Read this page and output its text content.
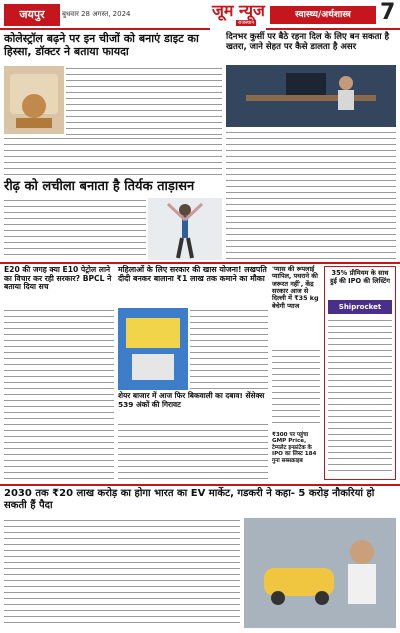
जयपुर	बुधवार 28 अगस्त, 2024	जूम न्यूज
राजस्थान
स्वास्थ्य/अर्थशास्त्र	7
कोलेस्ट्रॉल बढ़ने पर इन चीजों को बनाएं डाइट का हिस्सा, डॉक्टर ने बताया फायदा
रीढ़ को लचीला बनाता है तिर्यक ताड़ासन
दिनभर कुर्सी पर बैठे रहना दिल के लिए बन सकता है खतरा, जाने सेहत पर कैसे डालता है असर
E20 की जगह क्या E10 पेट्रोल लाने का विचार कर रही सरकार? BPCL ने बताया दिया सच
महिलाओं के लिए सरकार की खास योजना! लखपति दीदी बनकर बालाना ₹1 लाख तक कमाने का मौका
शेयर बाजार में आज फिर बिकवाली का दबाव! सेंसेक्स 539 अंकों की गिरावट
'प्यास की रूपलाई प्यापिल, पथराने की जरूरत नहीं', केंद्र सरकार आज से दिल्ली में ₹35 kg बेचेगी प्याज
₹300 पर पहुंचा GMP Price, टेम्पलेट इन्फ्रांटेक के IPO का लिस्ट 184 गुना सब्सक्राइब
35% प्रीमियम के साथ हुई की IPO की लिस्टिंग
Shiprocket
2030 तक ₹20 लाख करोड़ का होगा भारत का EV मार्केट, गडकरी ने कहा- 5 करोड़ नौकरियां हो सकती हैं पैदा
